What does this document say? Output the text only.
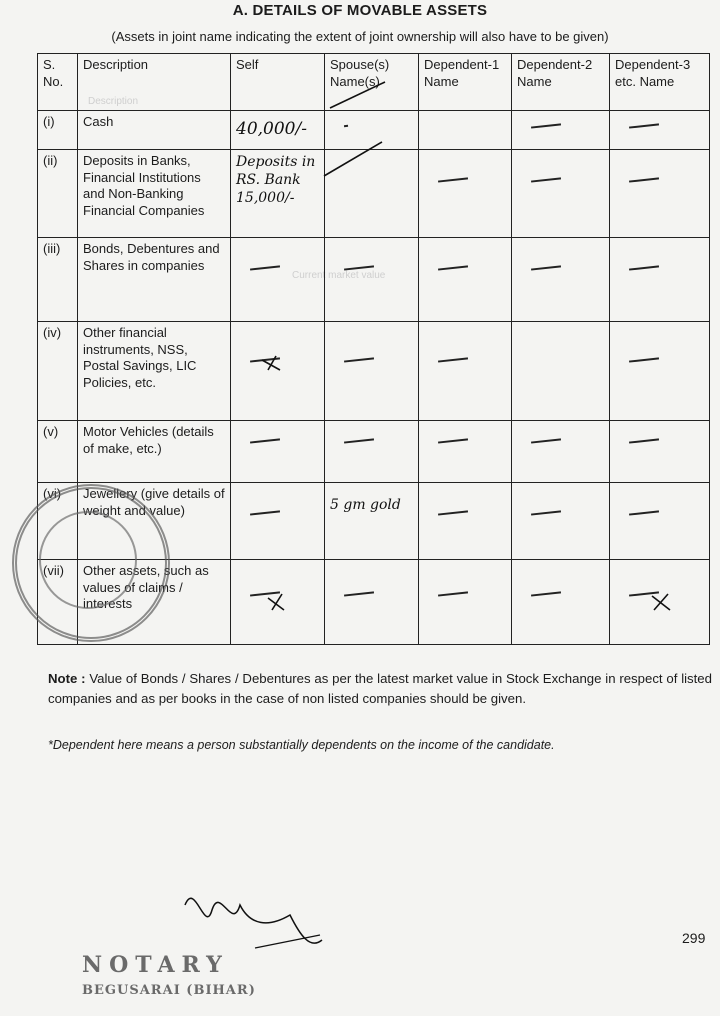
Description
Current market value
A. DETAILS OF MOVABLE ASSETS
(Assets in joint name indicating the extent of joint ownership will also have to be given)
S. No.	Description	Self	Spouse(s) Name(s)	Dependent-1 Name	Dependent-2 Name	Dependent-3 etc. Name
(i)	Cash	40,000/-				
(ii)	Deposits in Banks, Financial Institutions and Non-Banking Financial Companies	Deposits in RS. Bank 15,000/-				
(iii)	Bonds, Debentures and Shares in companies					
(iv)	Other financial instruments, NSS, Postal Savings, LIC Policies, etc.					
(v)	Motor Vehicles (details of make, etc.)					
(vi)	Jewellery (give details of weight and value)		5 gm gold			
(vii)	Other assets, such as values of claims / interests					
Note : Value of Bonds / Shares / Debentures as per the latest market value in Stock Exchange in respect of listed companies and as per books in the case of non listed companies should be given.
*Dependent here means a person substantially dependents on the income of the candidate.
299
NOTARY
BEGUSARAI (BIHAR)
